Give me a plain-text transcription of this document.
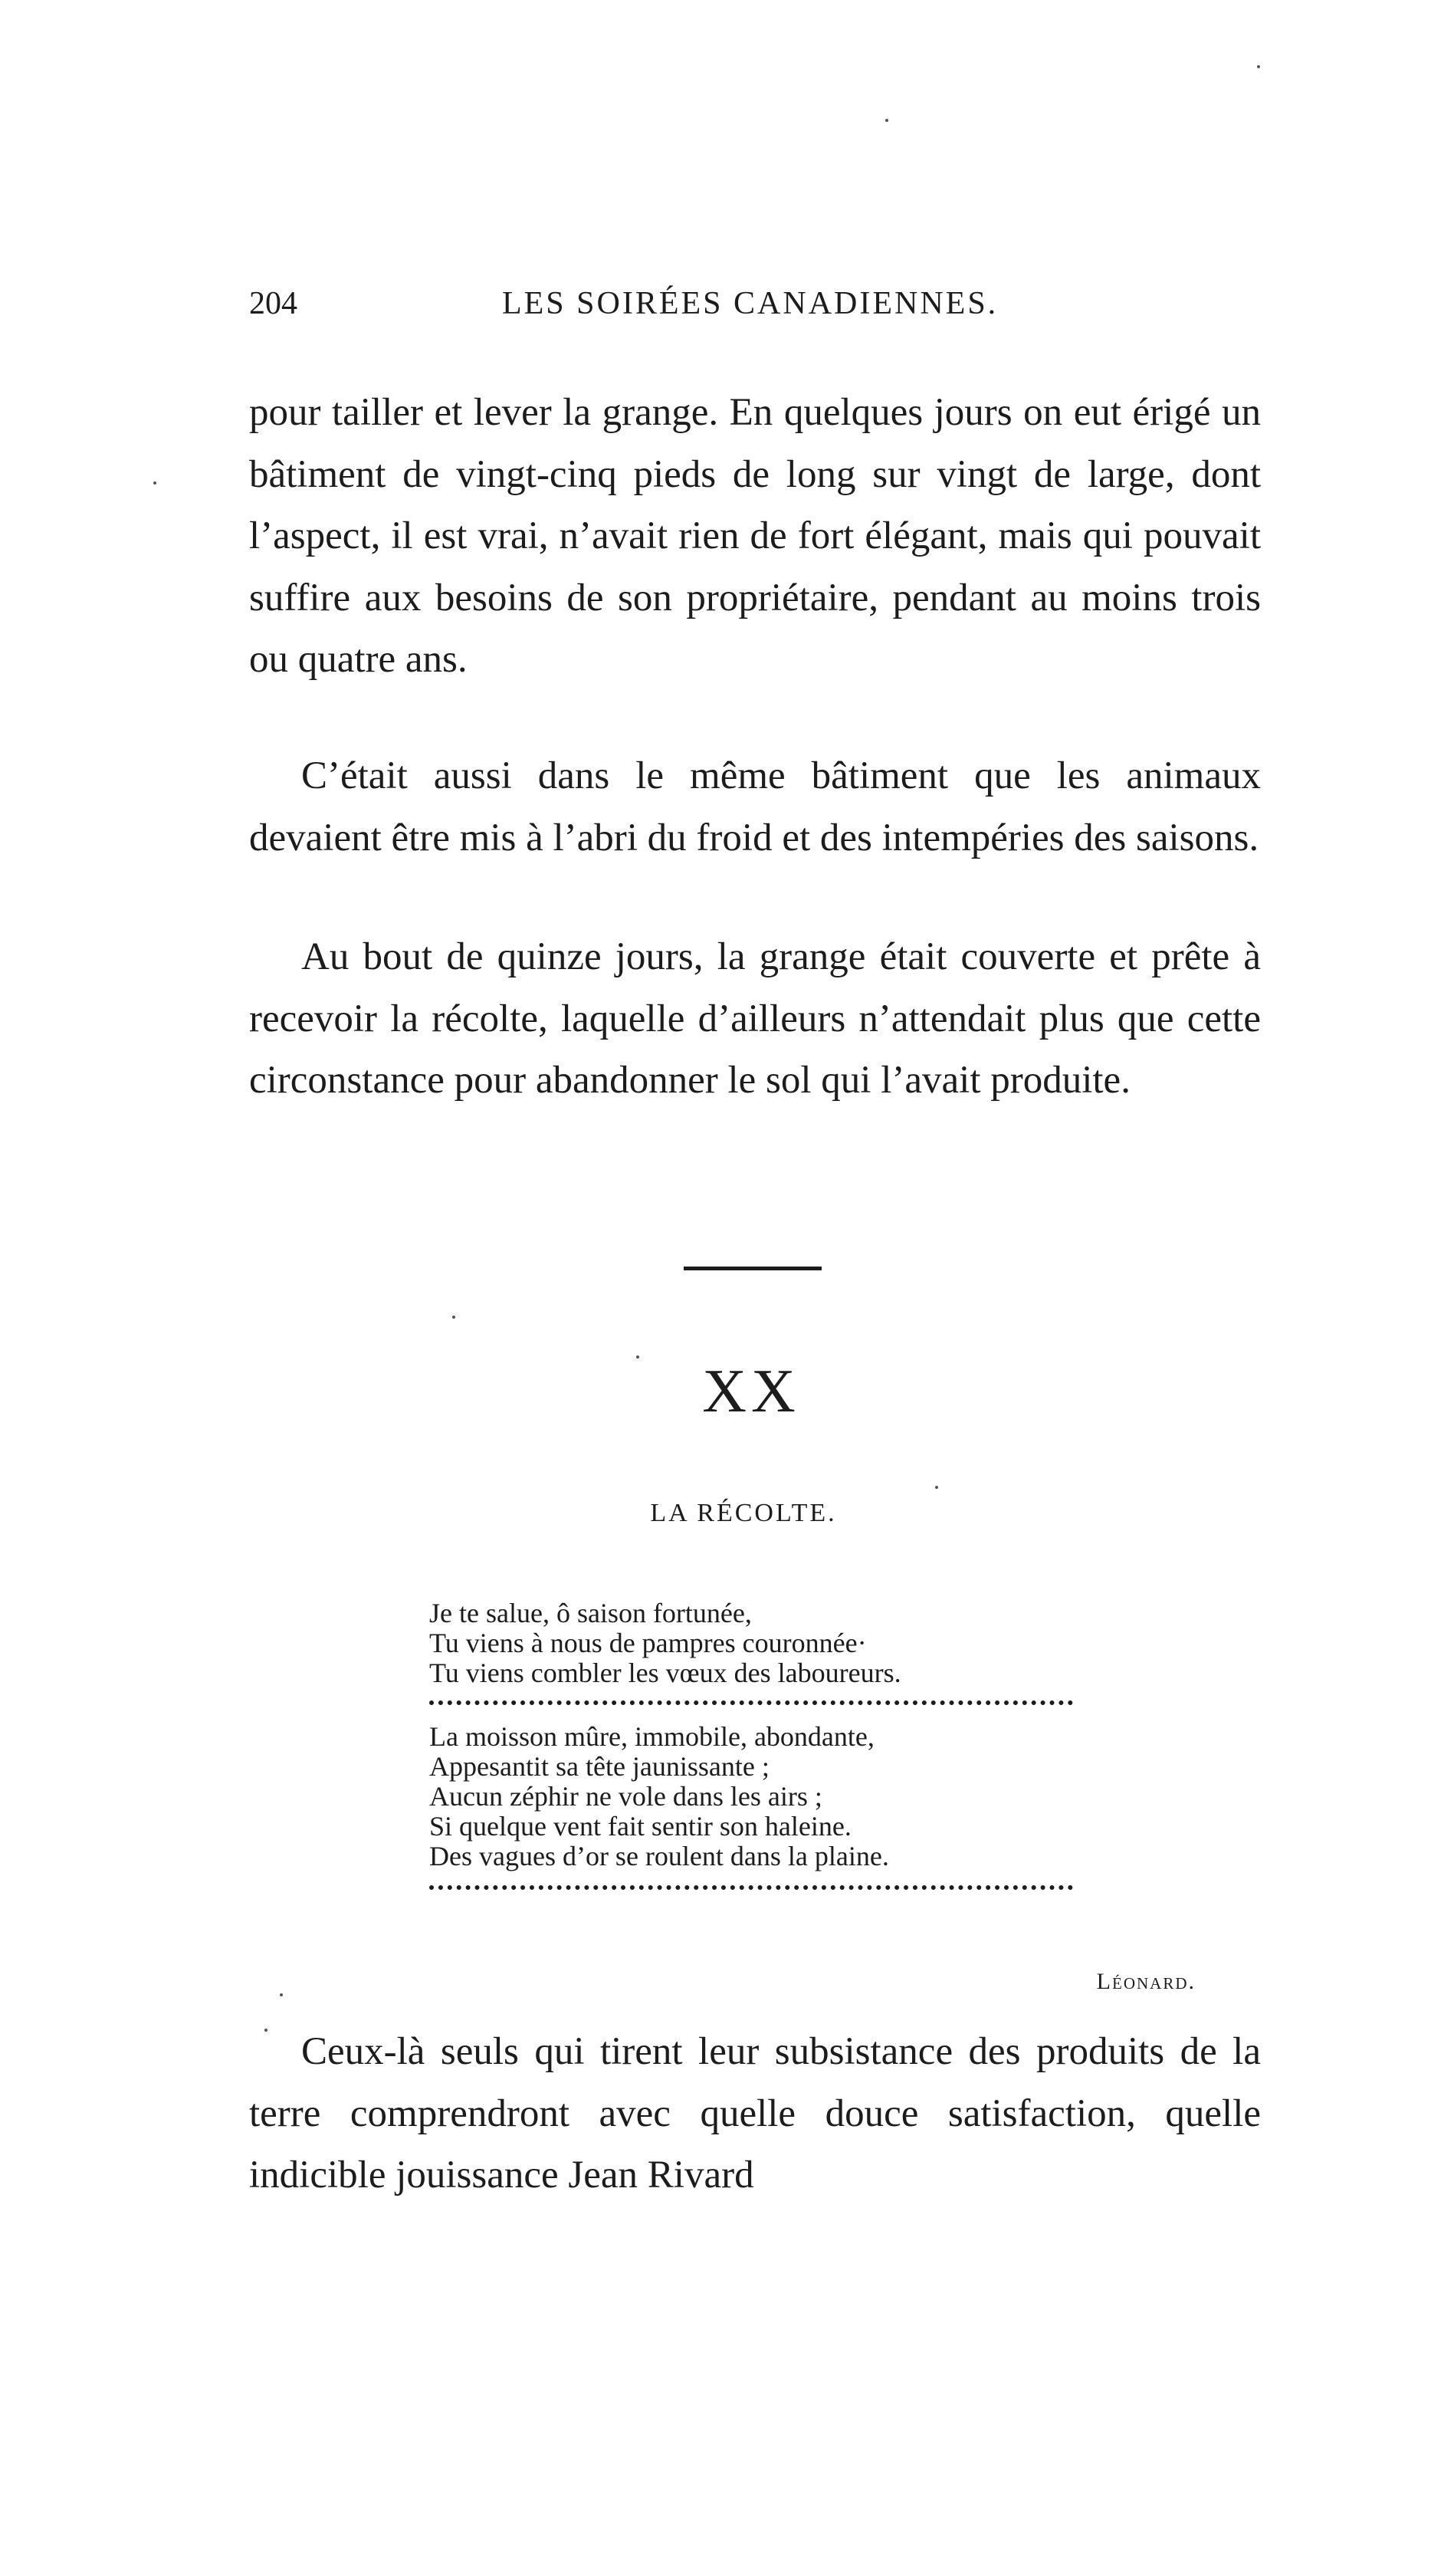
204	LES SOIRÉES CANADIENNES.
pour tailler et lever la grange. En quelques jours on eut érigé un bâtiment de vingt-cinq pieds de long sur vingt de large, dont l’aspect, il est vrai, n’avait rien de fort élégant, mais qui pouvait suffire aux besoins de son propriétaire, pendant au moins trois ou quatre ans.
C’était aussi dans le même bâtiment que les animaux devaient être mis à l’abri du froid et des intempéries des saisons.
Au bout de quinze jours, la grange était couverte et prête à recevoir la récolte, laquelle d’ailleurs n’attendait plus que cette circonstance pour abandonner le sol qui l’avait produite.
XX
LA RÉCOLTE.
Je te salue, ô saison fortunée,
Tu viens à nous de pampres couronnée·
Tu viens combler les vœux des laboureurs.
La moisson mûre, immobile, abondante,
Appesantit sa tête jaunissante ;
Aucun zéphir ne vole dans les airs ;
Si quelque vent fait sentir son haleine.
Des vagues d’or se roulent dans la plaine.
Léonard.
Ceux-là seuls qui tirent leur subsistance des produits de la terre comprendront avec quelle douce satisfaction, quelle indicible jouissance Jean Rivard
